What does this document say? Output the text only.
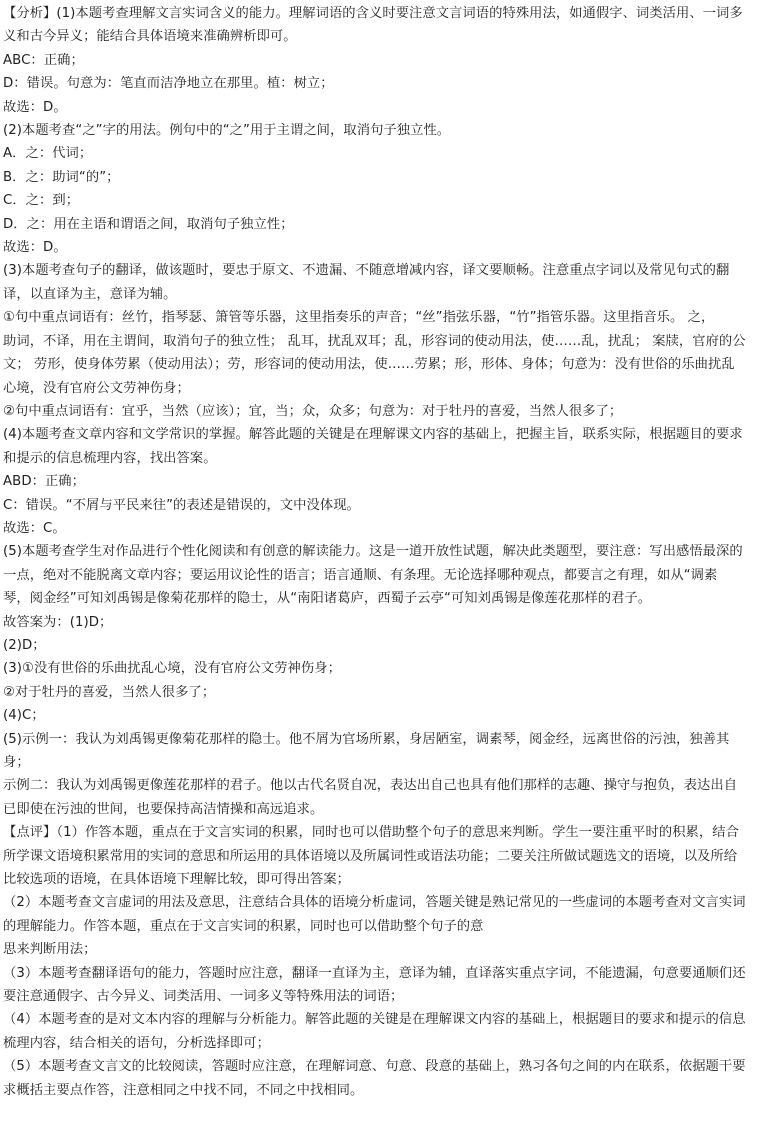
【分析】(1)本题考查理解文言实词含义的能力。理解词语的含义时要注意文言词语的特殊用法，如通假字、词类活用、一词多
义和古今异义；能结合具体语境来准确辨析即可。
ABC：正确；
D：错误。句意为：笔直而洁净地立在那里。植：树立；
故选：D。
(2)本题考查“之”字的用法。例句中的“之”用于主谓之间，取消句子独立性。
A．之：代词；
B．之：助词“的”；
C．之：到；
D．之：用在主语和谓语之间，取消句子独立性；
故选：D。
(3)本题考查句子的翻译，做该题时，要忠于原文、不遗漏、不随意增减内容，译文要顺畅。注意重点字词以及常见句式的翻
译，以直译为主，意译为辅。
①句中重点词语有：丝竹，指琴瑟、箫管等乐器，这里指奏乐的声音；“丝”指弦乐器，“竹”指管乐器。这里指音乐。 之，
助词，不译，用在主谓间，取消句子的独立性； 乱耳，扰乱双耳；乱，形容词的使动用法，使……乱，扰乱； 案牍，官府的公
文； 劳形，使身体劳累（使动用法）；劳，形容词的使动用法，使……劳累；形，形体、身体；句意为：没有世俗的乐曲扰乱
心境，没有官府公文劳神伤身；
②句中重点词语有：宜乎，当然（应该）；宜，当；众，众多；句意为：对于牡丹的喜爱，当然人很多了；
(4)本题考查文章内容和文学常识的掌握。解答此题的关键是在理解课文内容的基础上，把握主旨，联系实际，根据题目的要求
和提示的信息梳理内容，找出答案。
ABD：正确；
C：错误。“不屑与平民来往”的表述是错误的，文中没体现。
故选：C。
(5)本题考查学生对作品进行个性化阅读和有创意的解读能力。这是一道开放性试题，解决此类题型，要注意：写出感悟最深的
一点，绝对不能脱离文章内容；要运用议论性的语言；语言通顺、有条理。无论选择哪种观点，都要言之有理，如从“调素
琴，阅金经”可知刘禹锡是像菊花那样的隐士，从“南阳诸葛庐，西蜀子云亭“可知刘禹锡是像莲花那样的君子。
故答案为：(1)D；
(2)D；
(3)①没有世俗的乐曲扰乱心境，没有官府公文劳神伤身；
②对于牡丹的喜爱，当然人很多了；
(4)C；
(5)示例一：我认为刘禹锡更像菊花那样的隐士。他不屑为官场所累，身居陋室，调素琴，阅金经，远离世俗的污浊，独善其
身；
示例二：我认为刘禹锡更像莲花那样的君子。他以古代名贤自况，表达出自己也具有他们那样的志趣、操守与抱负，表达出自
已即使在污浊的世间，也要保持高洁情操和高远追求。
【点评】（1）作答本题，重点在于文言实词的积累，同时也可以借助整个句子的意思来判断。学生一要注重平时的积累，结合
所学课文语境积累常用的实词的意思和所运用的具体语境以及所属词性或语法功能；二要关注所做试题选文的语境，以及所给
比较选项的语境，在具体语境下理解比较，即可得出答案；
（2）本题考查文言虚词的用法及意思，注意结合具体的语境分析虚词，答题关键是熟记常见的一些虚词的本题考查对文言实词
的理解能力。作答本题，重点在于文言实词的积累，同时也可以借助整个句子的意
思来判断用法；
（3）本题考查翻译语句的能力，答题时应注意，翻译一直译为主，意译为辅，直译落实重点字词，不能遗漏，句意要通顺们还
要注意通假字、古今异义、词类活用、一词多义等特殊用法的词语；
（4）本题考查的是对文本内容的理解与分析能力。解答此题的关键是在理解课文内容的基础上，根据题目的要求和提示的信息
梳理内容，结合相关的语句，分析选择即可；
（5）本题考查文言文的比较阅读，答题时应注意，在理解词意、句意、段意的基础上，熟习各句之间的内在联系，依据题干要
求概括主要点作答，注意相同之中找不同，不同之中找相同。
